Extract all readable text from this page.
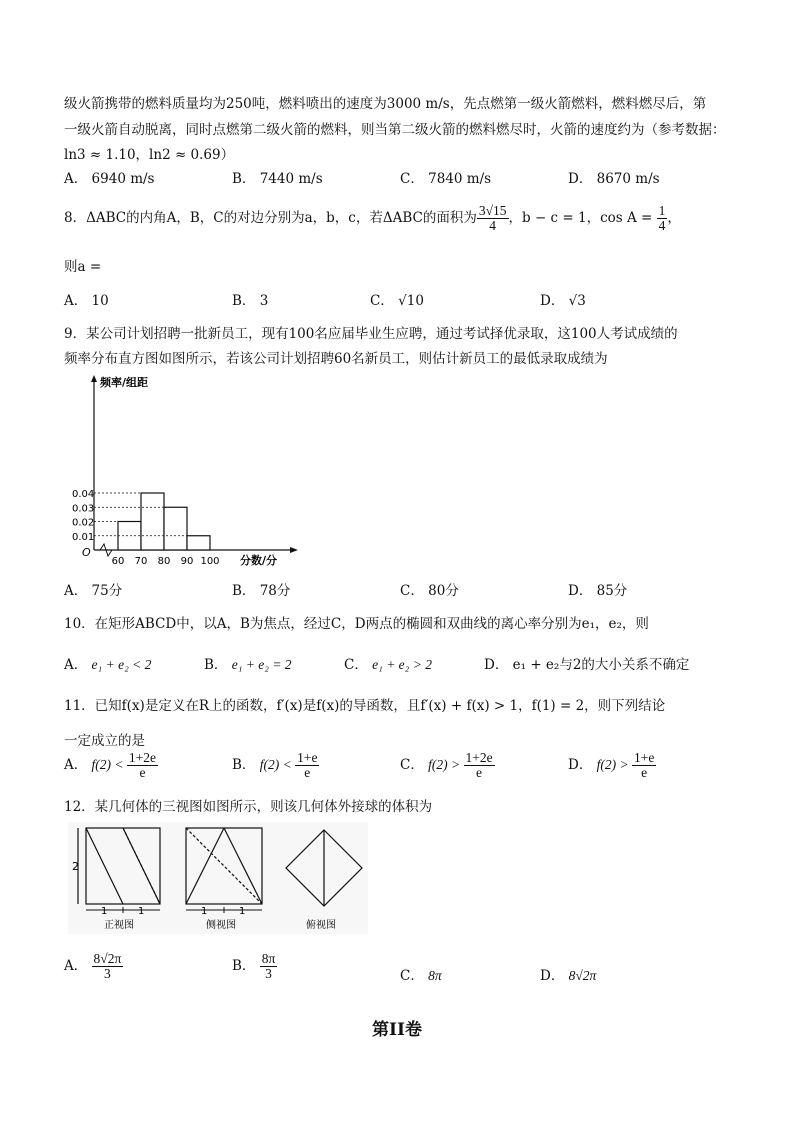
级火箭携带的燃料质量均为250吨，燃料喷出的速度为3000 m/s，先点燃第一级火箭燃料，燃料燃尽后，第
一级火箭自动脱离，同时点燃第二级火箭的燃料，则当第二级火箭的燃料燃尽时，火箭的速度约为（参考数据：
ln3 ≈ 1.10，ln2 ≈ 0.69）
A． 6940 m/s	B． 7440 m/s	C． 7840 m/s	D． 8670 m/s
8．ΔABC的内角A，B，C的对边分别为a，b，c，若ΔABC的面积为 $\frac{3√15}{4}$ ，b − c = 1，$\cos A = \frac{1}{4}$ ，
则a =
A． 10	B． 3	C． √10	D． √3
9．某公司计划招聘一批新员工，现有100名应届毕业生应聘，通过考试择优录取，这100人考试成绩的
频率分布直方图如图所示，若该公司计划招聘60名新员工，则估计新员工的最低录取成绩为
0.01
0.02
0.03
0.04
60 70 80 90 100
O
频率/组距
分数/分
A． 75分	B． 78分	C． 80分	D． 85分
10．在矩形ABCD中，以A，B为焦点，经过C，D两点的椭圆和双曲线的离心率分别为e₁，e₂，则
A． e₁ + e₂ < 2	B． e₁ + e₂ = 2	C． e₁ + e₂ > 2	D． e₁ + e₂与2的大小关系不确定
11．已知f(x)是定义在R上的函数，f′(x)是f(x)的导函数，且f′(x) + f(x) > 1，f(1) = 2，则下列结论
一定成立的是
A． $f(2) < \frac{1+2e}{e}$	B． $f(2) < \frac{1+e}{e}$	C． $f(2) > \frac{1+2e}{e}$	D． $f(2) > \frac{1+e}{e}$
12．某几何体的三视图如图所示，则该几何体外接球的体积为
2
1	1
正视图
1	1
侧视图	俯视图
A． $\frac{8√2\pi}{3}$	B． $\frac{8\pi}{3}$	C． 8π	D． 8√2π
第II卷
